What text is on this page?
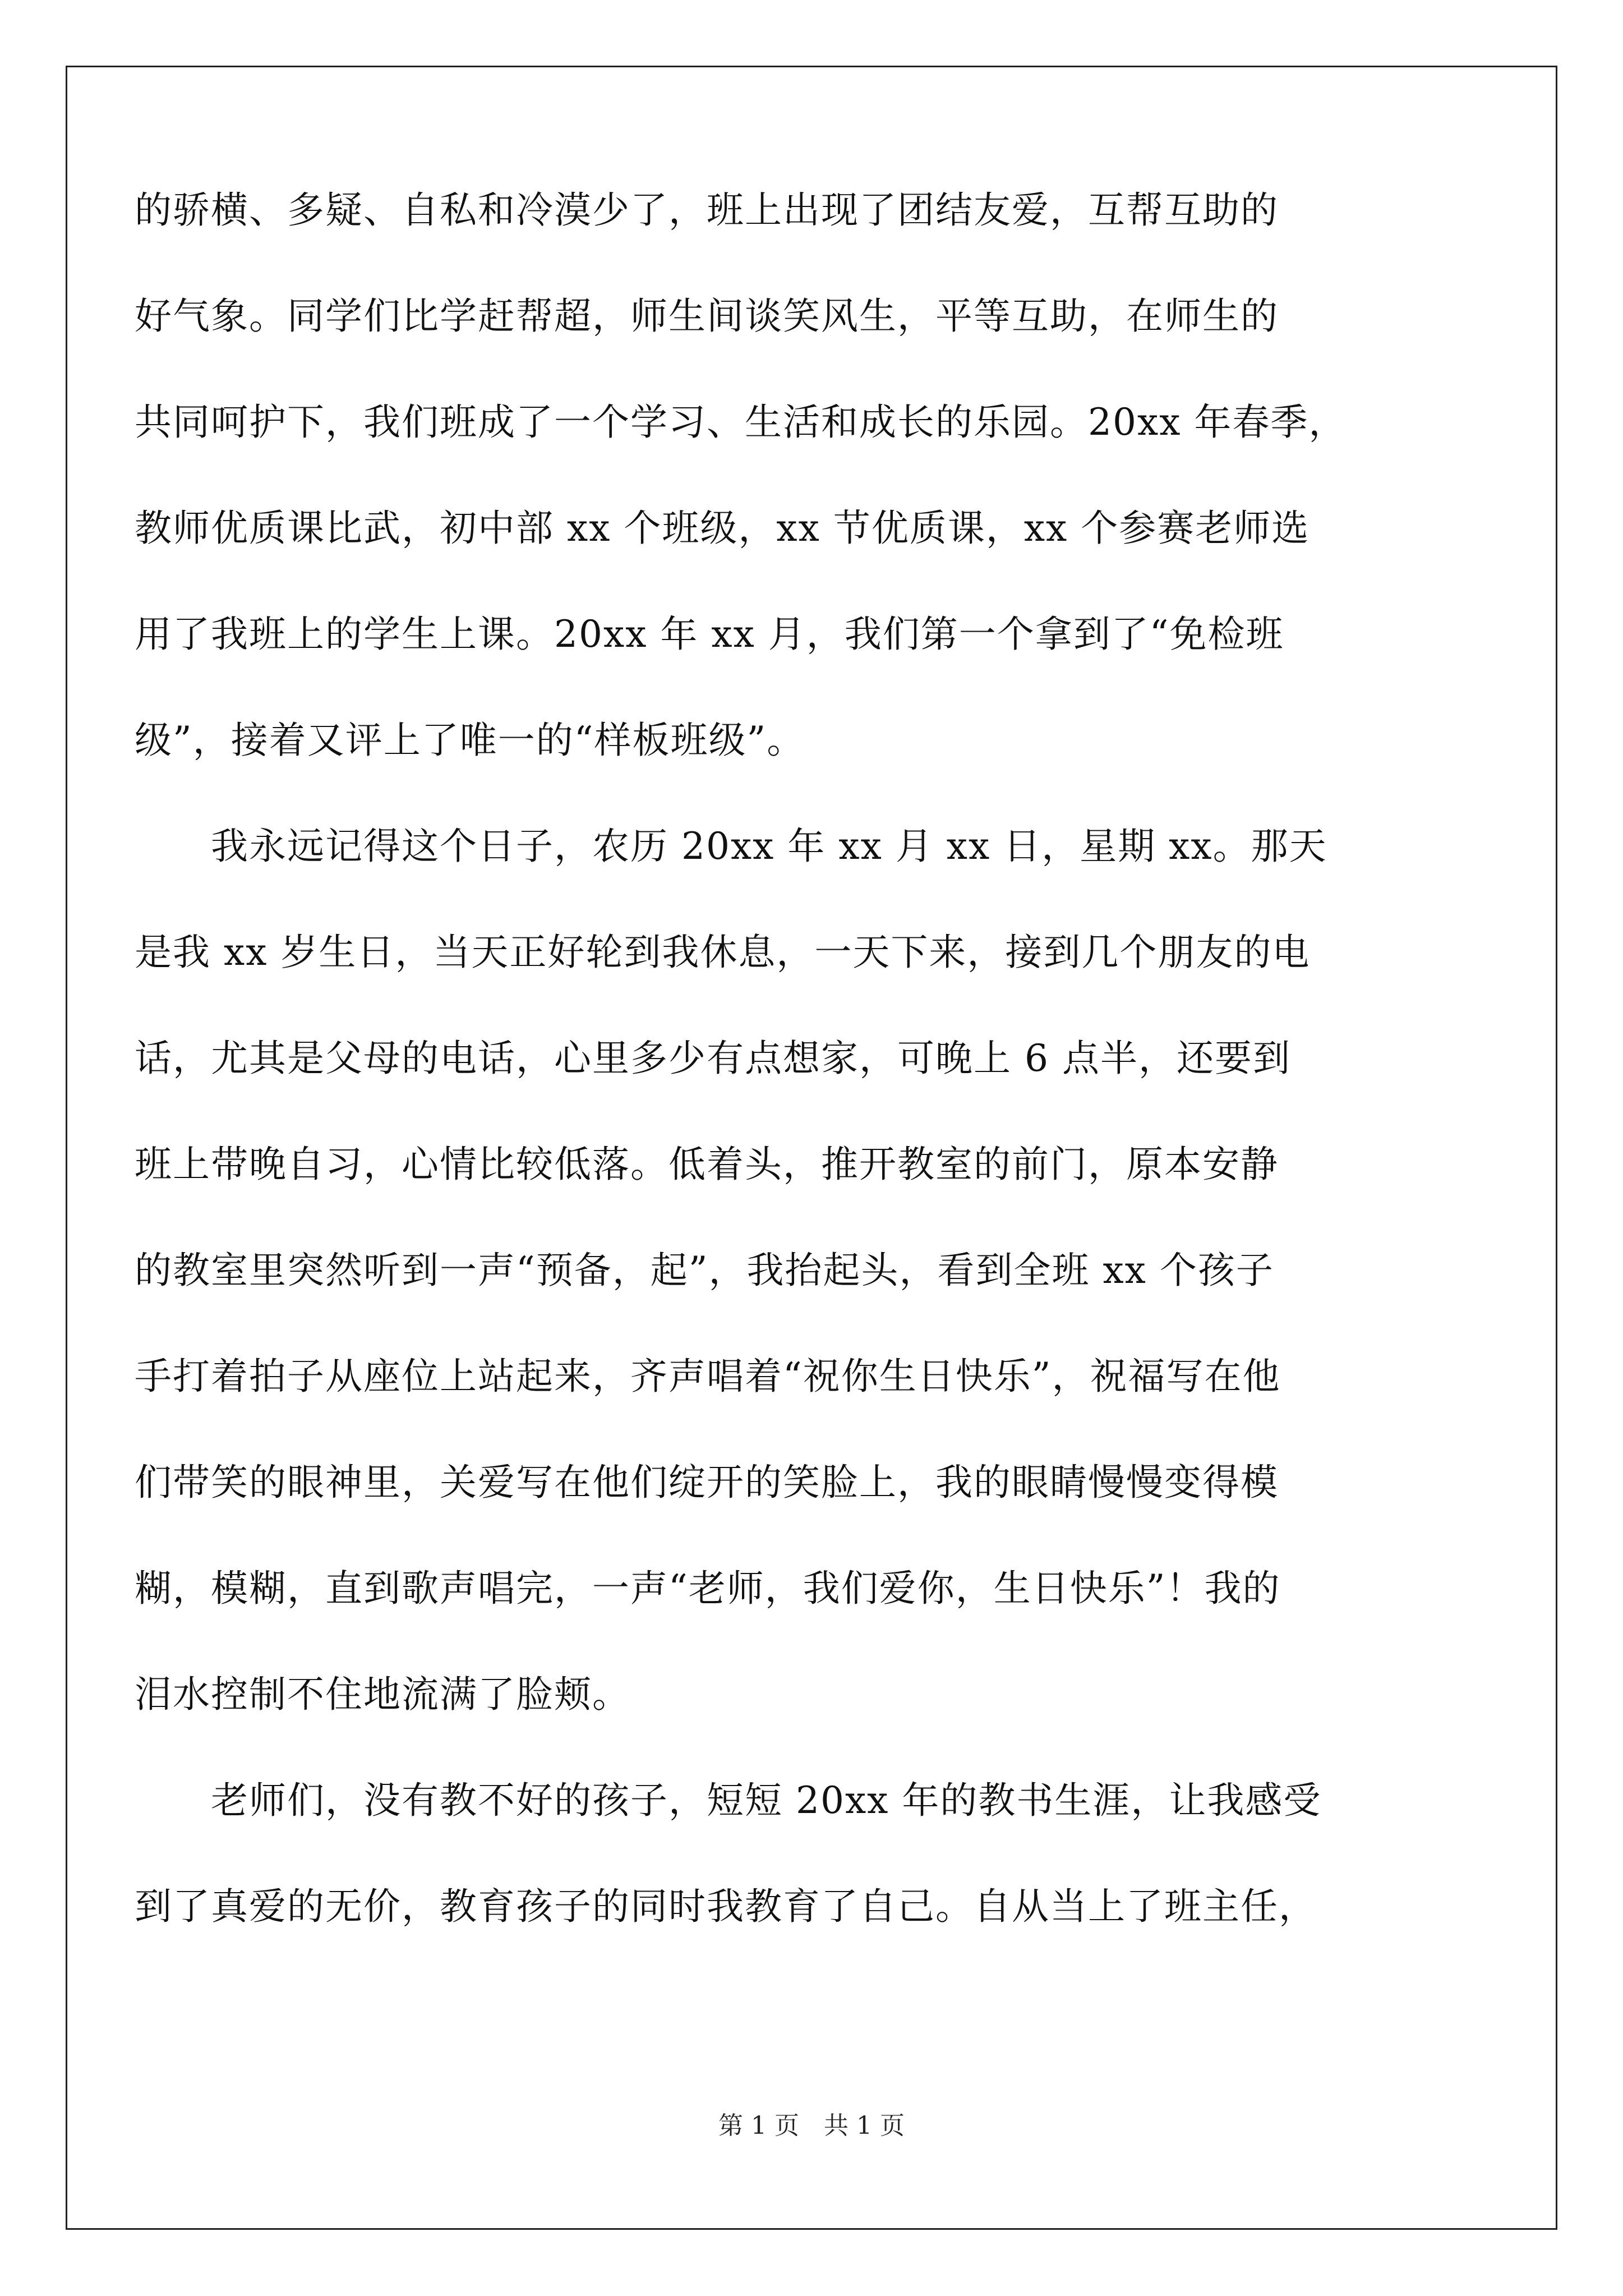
的骄横、多疑、自私和冷漠少了，班上出现了团结友爱，互帮互助的
好气象。同学们比学赶帮超，师生间谈笑风生，平等互助，在师生的
共同呵护下，我们班成了一个学习、生活和成长的乐园。20xx 年春季，
教师优质课比武，初中部 xx 个班级，xx 节优质课，xx 个参赛老师选
用了我班上的学生上课。20xx 年 xx 月，我们第一个拿到了“免检班
级”，接着又评上了唯一的“样板班级”。
　　我永远记得这个日子，农历 20xx 年 xx 月 xx 日，星期 xx。那天
是我 xx 岁生日，当天正好轮到我休息，一天下来，接到几个朋友的电
话，尤其是父母的电话，心里多少有点想家，可晚上 6 点半，还要到
班上带晚自习，心情比较低落。低着头，推开教室的前门，原本安静
的教室里突然听到一声“预备，起”，我抬起头，看到全班 xx 个孩子
手打着拍子从座位上站起来，齐声唱着“祝你生日快乐”，祝福写在他
们带笑的眼神里，关爱写在他们绽开的笑脸上，我的眼睛慢慢变得模
糊，模糊，直到歌声唱完，一声“老师，我们爱你，生日快乐”！我的
泪水控制不住地流满了脸颊。
　　老师们，没有教不好的孩子，短短 20xx 年的教书生涯，让我感受
到了真爱的无价，教育孩子的同时我教育了自己。自从当上了班主任，
第 1 页　共 1 页
